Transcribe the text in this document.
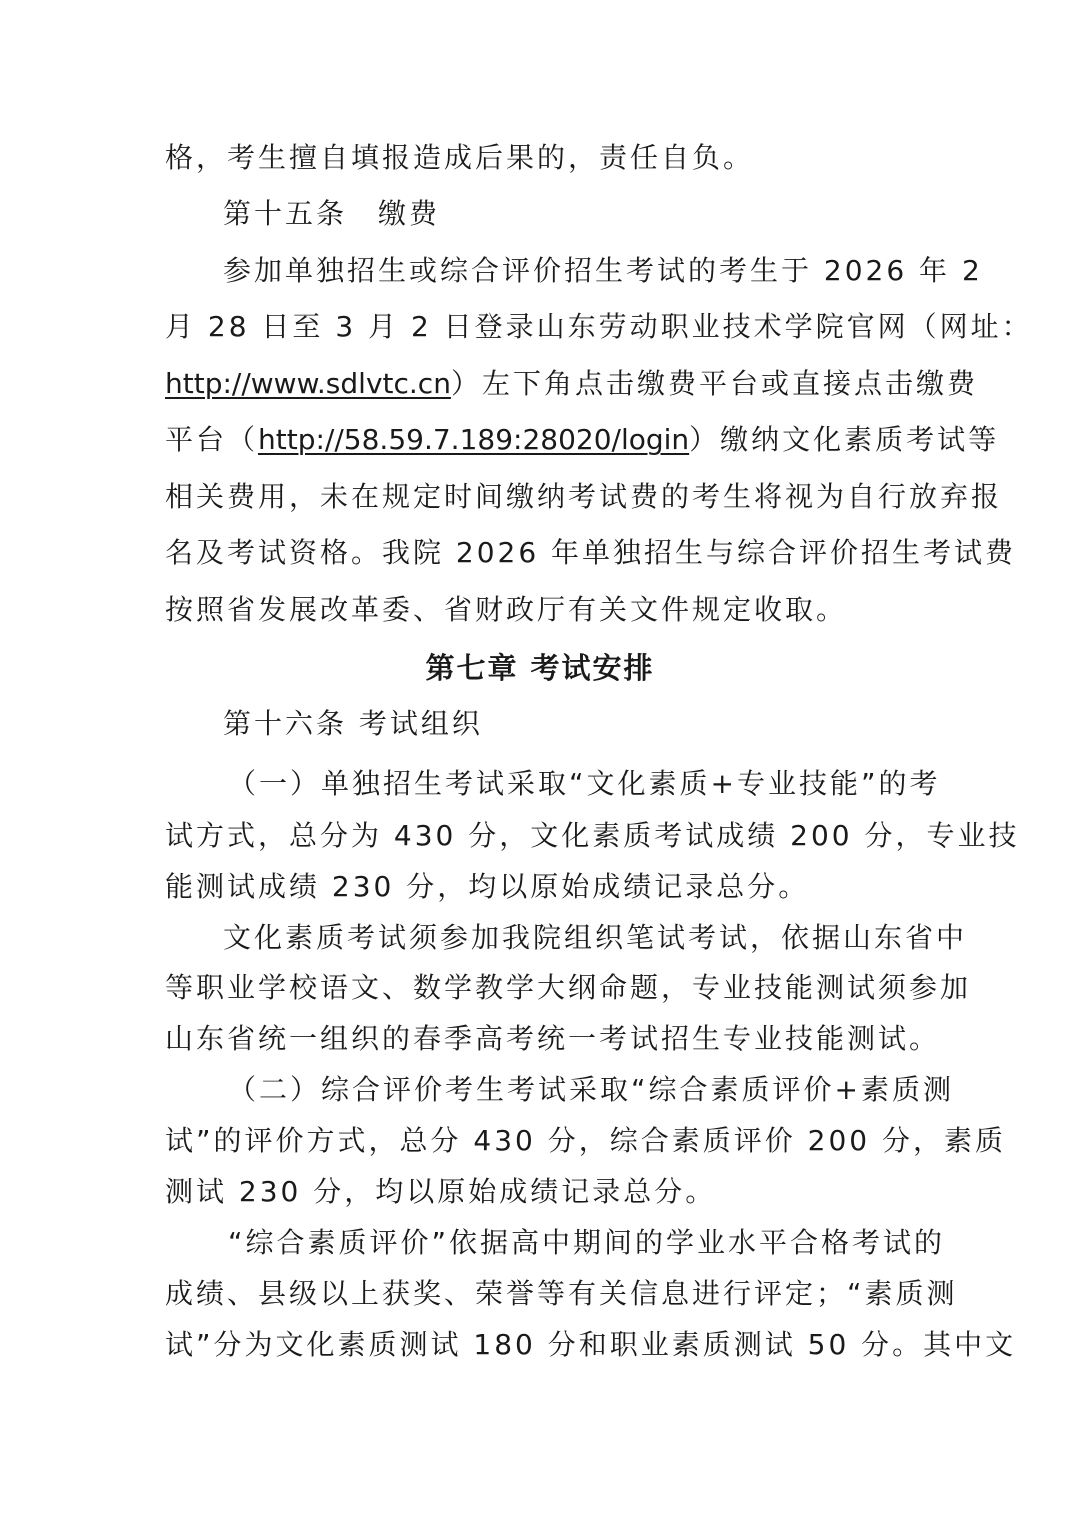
格，考生擅自填报造成后果的，责任自负。
第十五条　缴费
参加单独招生或综合评价招生考试的考生于 2026 年 2
月 28 日至 3 月 2 日登录山东劳动职业技术学院官网（网址：
http://www.sdlvtc.cn）左下角点击缴费平台或直接点击缴费
平台（http://58.59.7.189:28020/login）缴纳文化素质考试等
相关费用，未在规定时间缴纳考试费的考生将视为自行放弃报
名及考试资格。我院 2026 年单独招生与综合评价招生考试费
按照省发展改革委、省财政厅有关文件规定收取。
第七章 考试安排
第十六条 考试组织
（一）单独招生考试采取“文化素质+专业技能”的考
试方式，总分为 430 分，文化素质考试成绩 200 分，专业技
能测试成绩 230 分，均以原始成绩记录总分。
文化素质考试须参加我院组织笔试考试，依据山东省中
等职业学校语文、数学教学大纲命题，专业技能测试须参加
山东省统一组织的春季高考统一考试招生专业技能测试。
（二）综合评价考生考试采取“综合素质评价+素质测
试”的评价方式，总分 430 分，综合素质评价 200 分，素质
测试 230 分，均以原始成绩记录总分。
“综合素质评价”依据高中期间的学业水平合格考试的
成绩、县级以上获奖、荣誉等有关信息进行评定；“素质测
试”分为文化素质测试 180 分和职业素质测试 50 分。其中文
